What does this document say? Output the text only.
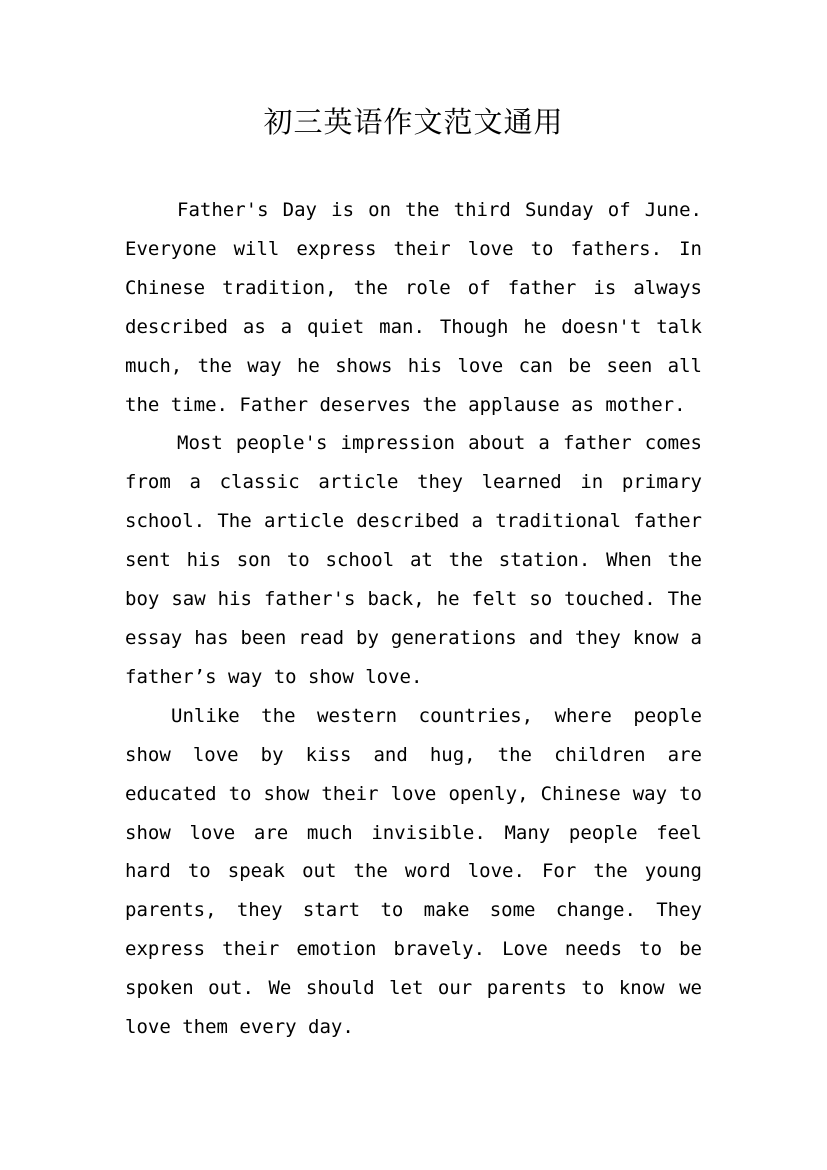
初三英语作文范文通用

Father's Day is on the third Sunday of June. Everyone will express their love to fathers. In Chinese tradition, the role of father is always described as a quiet man. Though he doesn't talk much, the way he shows his love can be seen all the time. Father deserves the applause as mother.

Most people's impression about a father comes from a classic article they learned in primary school. The article described a traditional father sent his son to school at the station. When the boy saw his father's back, he felt so touched. The essay has been read by generations and they know a father’s way to show love.

Unlike the western countries, where people show love by kiss and hug, the children are educated to show their love openly, Chinese way to show love are much invisible. Many people feel hard to speak out the word love. For the young parents, they start to make some change. They express their emotion bravely. Love needs to be spoken out. We should let our parents to know we love them every day.
